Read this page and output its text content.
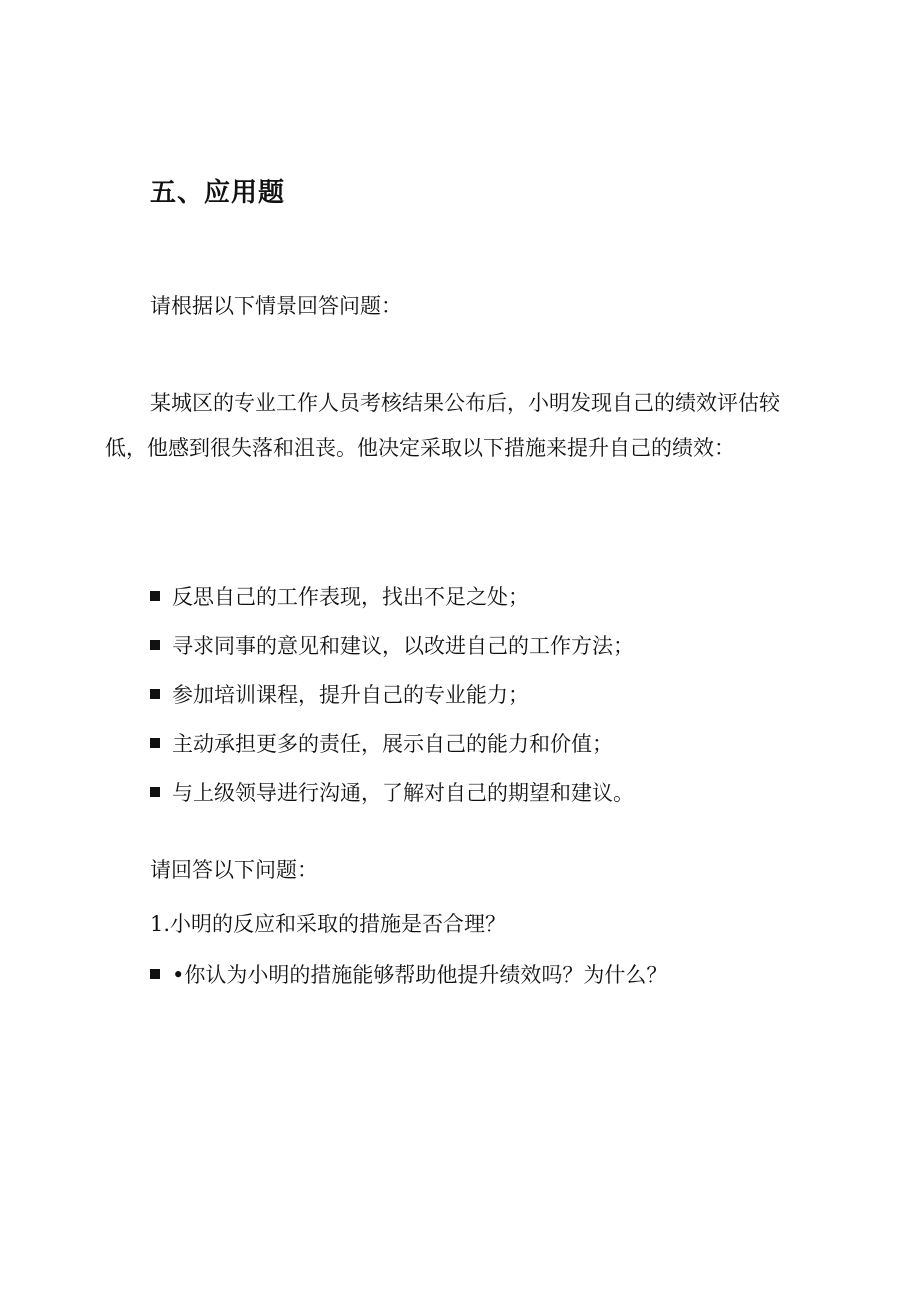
五、应用题

请根据以下情景回答问题：

某城区的专业工作人员考核结果公布后，小明发现自己的绩效评估较低，他感到很失落和沮丧。他决定采取以下措施来提升自己的绩效：

反思自己的工作表现，找出不足之处；
寻求同事的意见和建议，以改进自己的工作方法；
参加培训课程，提升自己的专业能力；
主动承担更多的责任，展示自己的能力和价值；
与上级领导进行沟通，了解对自己的期望和建议。

请回答以下问题：

1.小明的反应和采取的措施是否合理？

•你认为小明的措施能够帮助他提升绩效吗？为什么？
